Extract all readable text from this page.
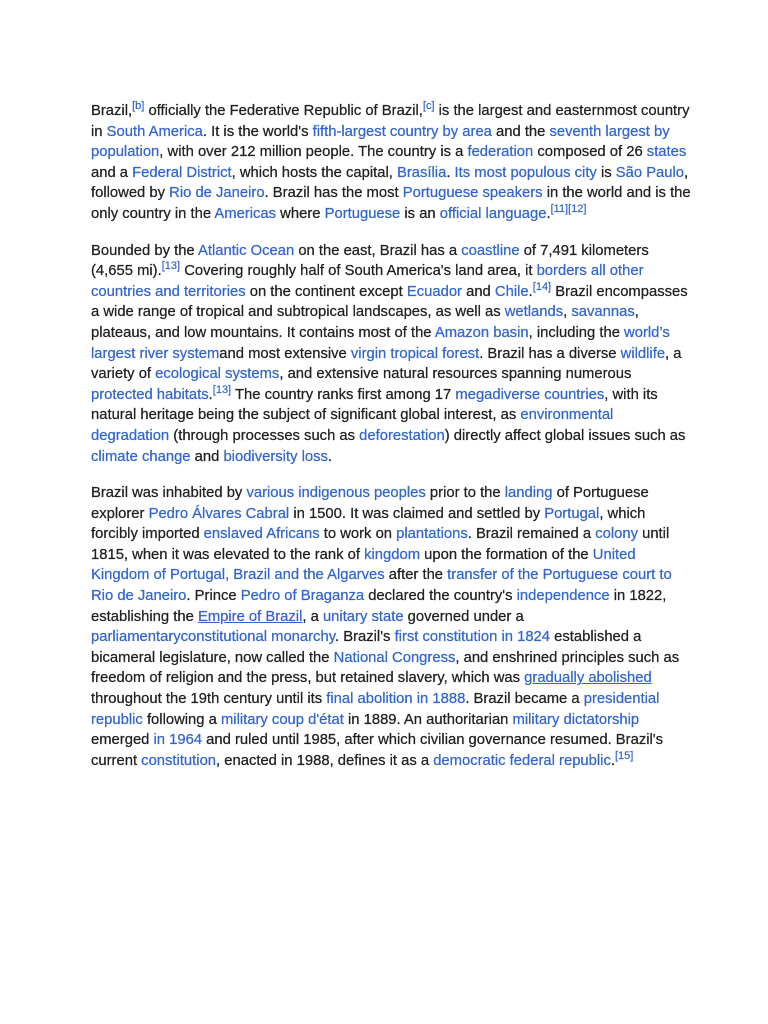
Brazil,[b] officially the Federative Republic of Brazil,[c] is the largest and easternmost country in South America. It is the world's fifth-largest country by area and the seventh largest by population, with over 212 million people. The country is a federation composed of 26 states and a Federal District, which hosts the capital, Brasília. Its most populous city is São Paulo, followed by Rio de Janeiro. Brazil has the most Portuguese speakers in the world and is the only country in the Americas where Portuguese is an official language.[11][12]

Bounded by the Atlantic Ocean on the east, Brazil has a coastline of 7,491 kilometers (4,655 mi).[13] Covering roughly half of South America's land area, it borders all other countries and territories on the continent except Ecuador and Chile.[14] Brazil encompasses a wide range of tropical and subtropical landscapes, as well as wetlands, savannas, plateaus, and low mountains. It contains most of the Amazon basin, including the world’s largest river systemand most extensive virgin tropical forest. Brazil has a diverse wildlife, a variety of ecological systems, and extensive natural resources spanning numerous protected habitats.[13] The country ranks first among 17 megadiverse countries, with its natural heritage being the subject of significant global interest, as environmental degradation (through processes such as deforestation) directly affect global issues such as climate change and biodiversity loss.

Brazil was inhabited by various indigenous peoples prior to the landing of Portuguese explorer Pedro Álvares Cabral in 1500. It was claimed and settled by Portugal, which forcibly imported enslaved Africans to work on plantations. Brazil remained a colony until 1815, when it was elevated to the rank of kingdom upon the formation of the United Kingdom of Portugal, Brazil and the Algarves after the transfer of the Portuguese court to Rio de Janeiro. Prince Pedro of Braganza declared the country's independence in 1822, establishing the Empire of Brazil, a unitary state governed under a parliamentaryconstitutional monarchy. Brazil's first constitution in 1824 established a bicameral legislature, now called the National Congress, and enshrined principles such as freedom of religion and the press, but retained slavery, which was gradually abolished throughout the 19th century until its final abolition in 1888. Brazil became a presidential republic following a military coup d'état in 1889. An authoritarian military dictatorship emerged in 1964 and ruled until 1985, after which civilian governance resumed. Brazil's current constitution, enacted in 1988, defines it as a democratic federal republic.[15]
